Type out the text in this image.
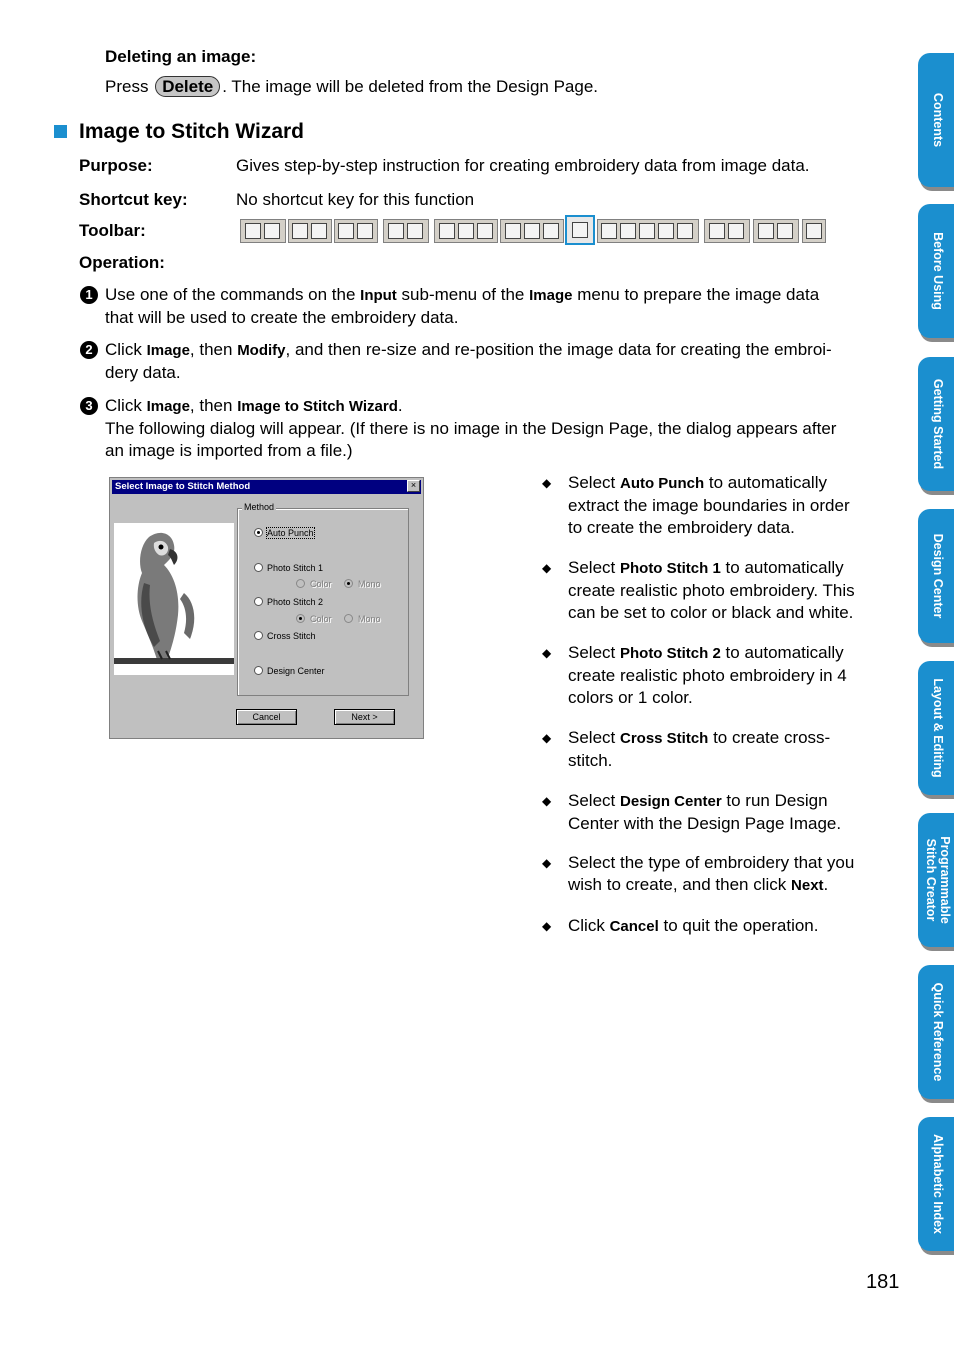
Deleting an image:
Press Delete . The image will be deleted from the Design Page.
Image to Stitch Wizard
Purpose:	Gives step-by-step instruction for creating embroidery data from image data.
Shortcut key:	No shortcut key for this function
Toolbar:
Operation:
1 Use one of the commands on the Input sub-menu of the Image menu to prepare the image data
that will be used to create the embroidery data.
2 Click Image, then Modify, and then re-size and re-position the image data for creating the embroi-
dery data.
3 Click Image, then Image to Stitch Wizard.
The following dialog will appear. (If there is no image in the Design Page, the dialog appears after
an image is imported from a file.)
Select Image to Stitch Method	×
Method
Auto Punch
Photo Stitch 1
Color	Mono
Photo Stitch 2
Color	Mono
Cross Stitch
Design Center
Cancel	Next >
◆ Select Auto Punch to automatically
extract the image boundaries in order
to create the embroidery data.
◆ Select Photo Stitch 1 to automatically
create realistic photo embroidery. This
can be set to color or black and white.
◆ Select Photo Stitch 2 to automatically
create realistic photo embroidery in 4
colors or 1 color.
◆ Select Cross Stitch to create cross-
stitch.
◆ Select Design Center to run Design
Center with the Design Page Image.
◆ Select the type of embroidery that you
wish to create, and then click Next.
◆ Click Cancel to quit the operation.
Contents
Before Using
Getting Started
Design Center
Layout & Editing
Programmable Stitch Creator
Quick Reference
Alphabetic Index
181
